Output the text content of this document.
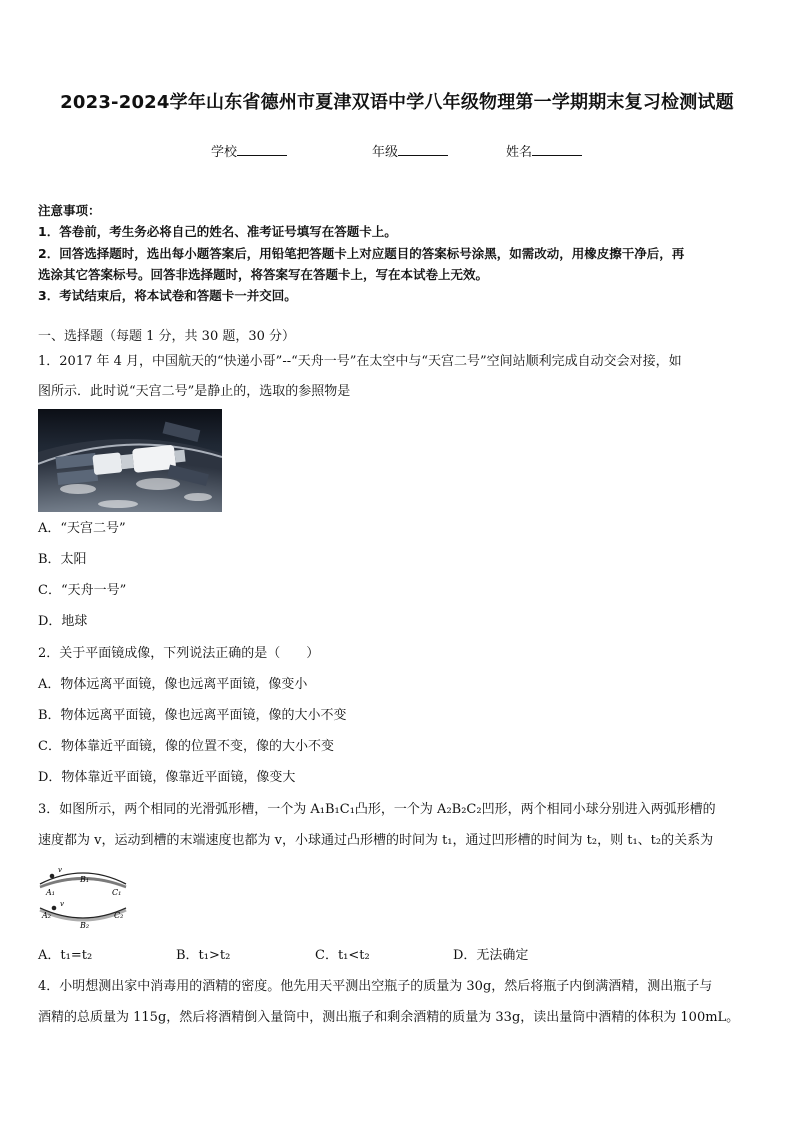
2023-2024学年山东省德州市夏津双语中学八年级物理第一学期期末复习检测试题
学校	年级	姓名
注意事项：
1．答卷前，考生务必将自己的姓名、准考证号填写在答题卡上。
2．回答选择题时，选出每小题答案后，用铅笔把答题卡上对应题目的答案标号涂黑，如需改动，用橡皮擦干净后，再
选涂其它答案标号。回答非选择题时，将答案写在答题卡上，写在本试卷上无效。
3．考试结束后，将本试卷和答题卡一并交回。
一、选择题（每题 1 分，共 30 题，30 分）
1．2017 年 4 月，中国航天的“快递小哥”--“天舟一号”在太空中与“天宫二号”空间站顺利完成自动交会对接，如
图所示．此时说“天宫二号”是静止的，选取的参照物是
A．“天宫二号”
B．太阳
C．“天舟一号”
D．地球
2．关于平面镜成像，下列说法正确的是（　　）
A．物体远离平面镜，像也远离平面镜，像变小
B．物体远离平面镜，像也远离平面镜，像的大小不变
C．物体靠近平面镜，像的位置不变，像的大小不变
D．物体靠近平面镜，像靠近平面镜，像变大
3．如图所示，两个相同的光滑弧形槽，一个为 A₁B₁C₁凸形，一个为 A₂B₂C₂凹形，两个相同小球分别进入两弧形槽的
速度都为 v，运动到槽的末端速度也都为 v，小球通过凸形槽的时间为 t₁，通过凹形槽的时间为 t₂，则 t₁、t₂的关系为
v
A₁
B₁
C₁
v
A₂
B₂
C₂
A．t₁=t₂	B．t₁>t₂	C．t₁<t₂	D．无法确定
4．小明想测出家中消毒用的酒精的密度。他先用天平测出空瓶子的质量为 30g，然后将瓶子内倒满酒精，测出瓶子与
酒精的总质量为 115g，然后将酒精倒入量筒中，测出瓶子和剩余酒精的质量为 33g，读出量筒中酒精的体积为 100mL。
